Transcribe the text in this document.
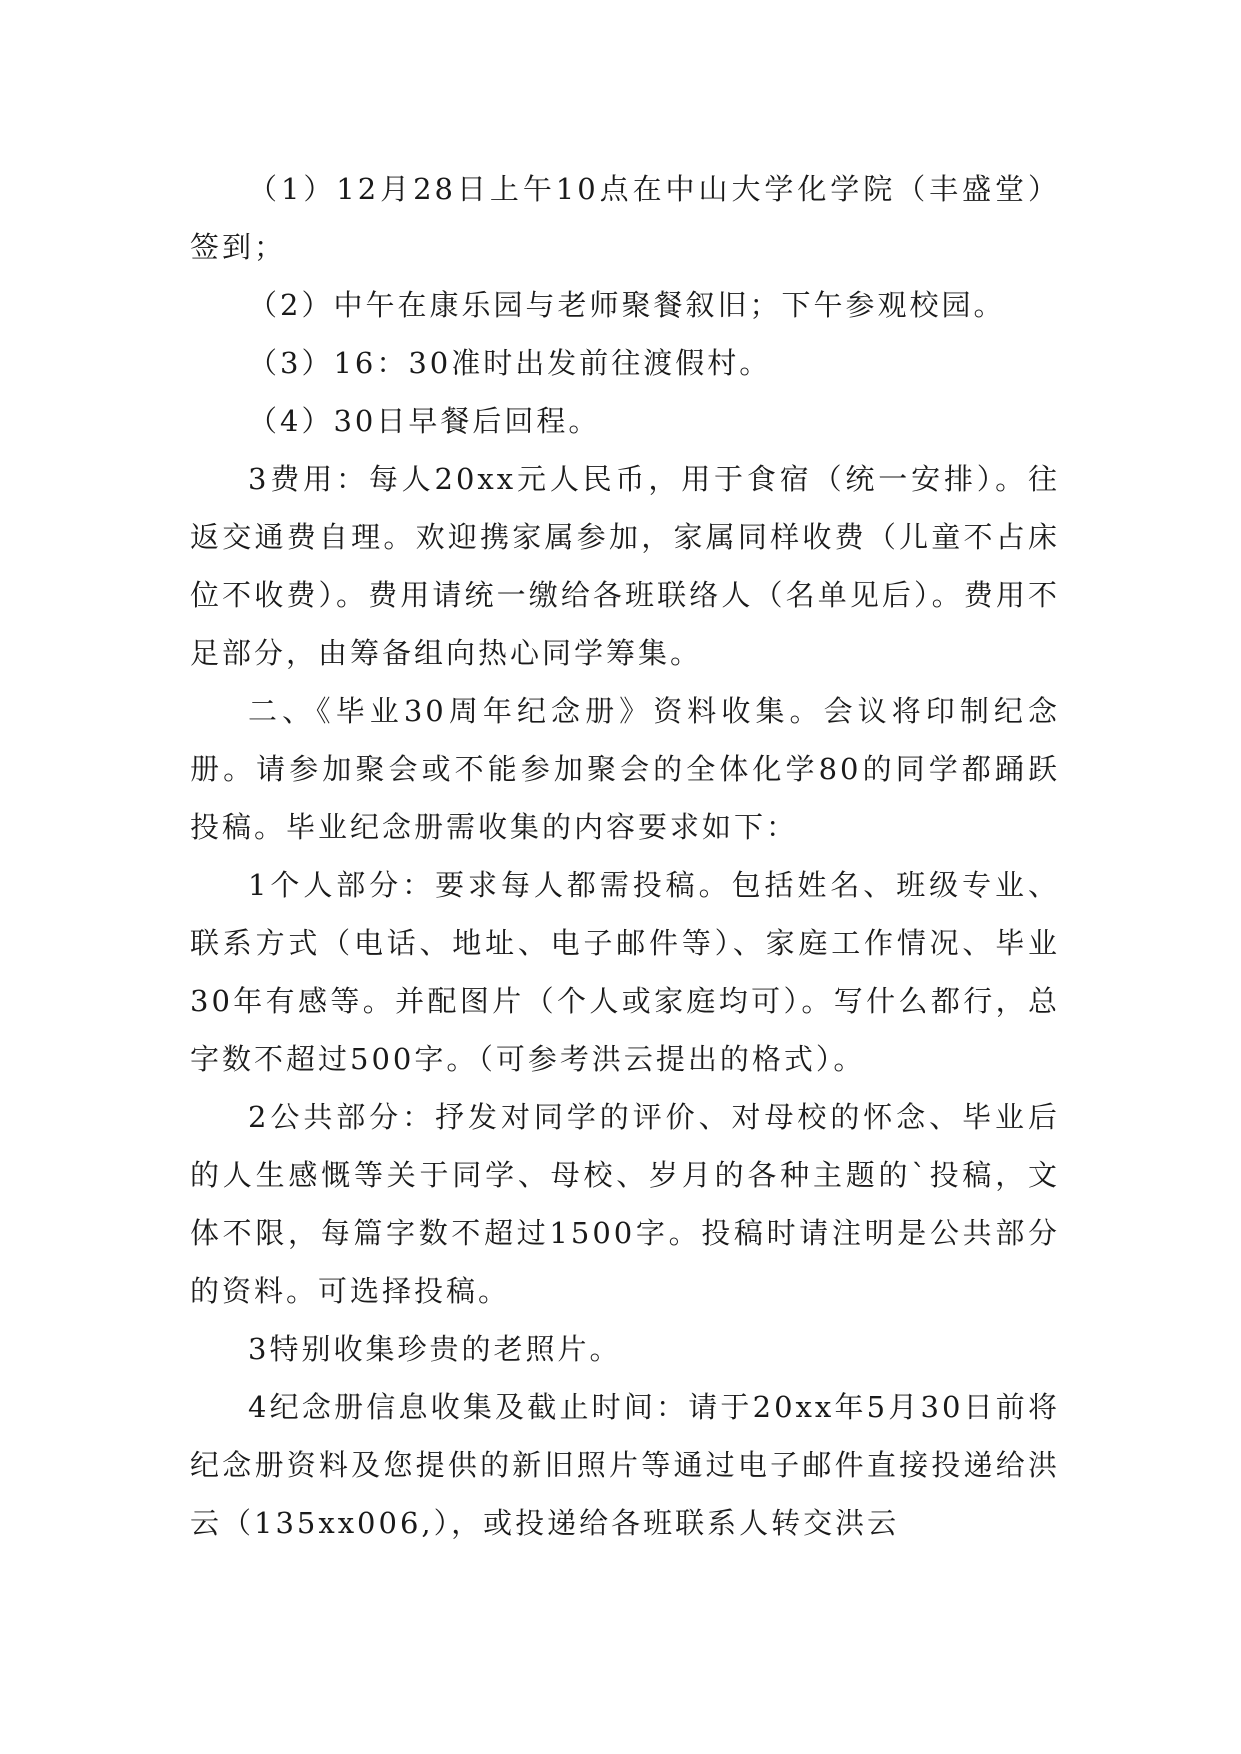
（1）12月28日上午10点在中山大学化学院（丰盛堂）签到；

（2）中午在康乐园与老师聚餐叙旧；下午参观校园。

（3）16：30准时出发前往渡假村。

（4）30日早餐后回程。

3费用：每人20xx元人民币，用于食宿（统一安排）。往返交通费自理。欢迎携家属参加，家属同样收费（儿童不占床位不收费）。费用请统一缴给各班联络人（名单见后）。费用不足部分，由筹备组向热心同学筹集。

二、《毕业30周年纪念册》资料收集。会议将印制纪念册。请参加聚会或不能参加聚会的全体化学80的同学都踊跃投稿。毕业纪念册需收集的内容要求如下：

1个人部分：要求每人都需投稿。包括姓名、班级专业、联系方式（电话、地址、电子邮件等）、家庭工作情况、毕业30年有感等。并配图片（个人或家庭均可）。写什么都行，总字数不超过500字。（可参考洪云提出的格式）。

2公共部分：抒发对同学的评价、对母校的怀念、毕业后的人生感慨等关于同学、母校、岁月的各种主题的`投稿，文体不限，每篇字数不超过1500字。投稿时请注明是公共部分的资料。可选择投稿。

3特别收集珍贵的老照片。

4纪念册信息收集及截止时间：请于20xx年5月30日前将纪念册资料及您提供的新旧照片等通过电子邮件直接投递给洪云（135xx006,），或投递给各班联系人转交洪云
